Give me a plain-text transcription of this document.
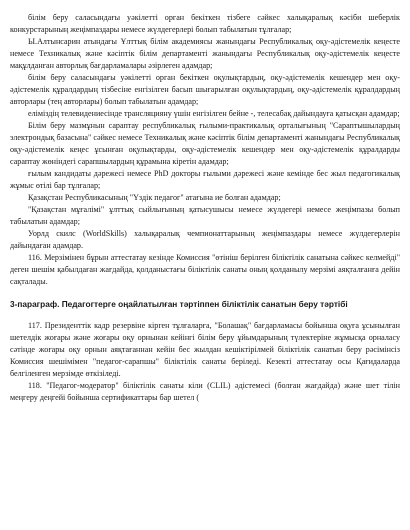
білім беру саласындағы уәкілетті орган бекіткен тізбеге сәйкес халықаралық кәсіби шеберлік конкурстарының жеңімпаздары немесе жүлдегерлері болып табылатын тұлғалар;

Ы.Алтынсарин атындағы Ұлттық білім академиясы жанындағы Республикалық оқу-әдістемелік кеңесте немесе Техникалық және кәсіптік білім департаменті жанындағы Республикалық оқу-әдістемелік кеңесте мақұлданған авторлық бағдарламалары әзірлеген адамдар;

білім беру саласындағы уәкілетті орган бекіткен оқулықтардың, оқу-әдістемелік кешендер мен оқу-әдістемелік құралдардың тізбесіне енгізілген басып шығарылған оқулықтардың, оқу-әдістемелік құралдардың авторлары (тең авторлары) болып табылатын адамдар;

еліміздің телевидениесінде трансляцияну үшін енгізілген бейне -, телесабақ дайындауға қатысқан адамдар;

Білім беру мазмұнын сараптау республикалық ғылыми-практикалық орталығының "Сараптышылардың электрондық базасына" сәйкес немесе Техникалық және кәсіптік білім департаменті жанындағы Республикалық оқу-әдістемелік кеңес ұсынған оқулықтарды, оқу-әдістемелік кешендер мен оқу-әдістемелік құралдарды сараптау жөніндегі сарапшылардың құрамына кіретін адамдар;

ғылым кандидаты дәрежесі немесе PhD докторы ғылыми дәрежесі және кемінде бес жыл педагогикалық жұмыс өтілі бар тұлғалар;

Қазақстан Республикасының "Үздік педагог" атағына ие болған адамдар;

"Қазақстан мұғалімі" ұлттық сыйлығының қатысушысы немесе жүлдегері немесе жеңімпазы болып табылатын адамдар;

Уорлд скилс (WorldSkills) халықаралық чемпионаттарының жеңімпаздары немесе жүлдегерлерін дайындаған адамдар.

116. Мерзімінен бұрын аттестатау кезінде Комиссия "өтініш берілген біліктілік санатына сәйкес келмейді" деген шешім қабылдаған жағдайда, қолданыстағы біліктілік санаты оның қолданылу мерзімі аяқталғанға дейін сақталады.

3-параграф. Педагогтерге оңайлатылған тәртіппен біліктілік санатын беру тәртібі

117. Президенттік кадр резервіне кірген тұлғаларға, "Болашақ" бағдарламасы бойынша оқуға ұсынылған шетелдік жоғары және жоғары оқу орнынан кейінгі білім беру ұйымдарының түлектеріне жұмысқа орналасу сәтінде жоғары оқу орнын аяқтағаннан кейін бес жылдан кешіктірілмей біліктілік санатын беру рәсімінсіз Комиссия шешімімен "педагог-сарапшы" біліктілік санаты беріледі. Кезекті аттестатау осы Қағидаларда белгіленген мерзімде өткізіледі.

118. "Педагог-модератор" біліктілік санаты кіли (CLIL) әдістемесі (болған жағдайда) және шет тілін меңгеру деңгейі бойынша сертификаттары бар шетел (
